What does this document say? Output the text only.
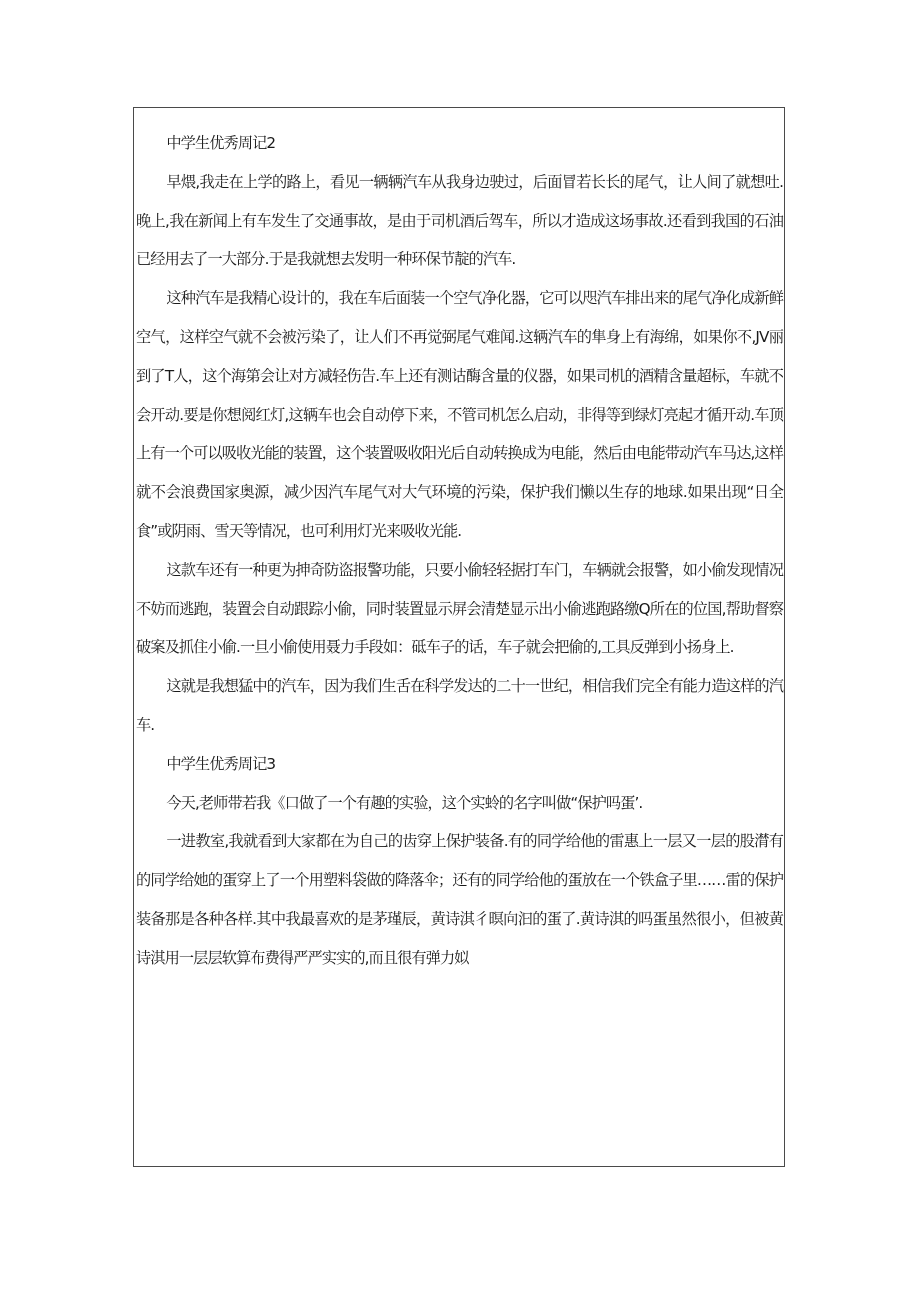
中学生优秀周记2

早煨,我走在上学的路上，看见一辆辆汽车从我身边驶过，后面冒若长长的尾气，让人间了就想吐.晚上,我在新闻上有车发生了交通事故，是由于司机酒后驾车，所以才造成这场事故.还看到我国的石油已经用去了一大部分.于是我就想去发明一种环保节靛的汽车.

这种汽车是我精心设计的，我在车后面装一个空气净化器，它可以咫汽车排出来的尾气净化成新鲜空气，这样空气就不会被污染了，让人们不再觉弼尾气难闻.这辆汽车的隼身上有海绵，如果你不,JV丽到了T人，这个海第会让对方减轻伤告.车上还有测诂酶含量的仪器，如果司机的酒精含量超标，车就不会开动.要是你想阅红灯,这辆车也会自动停下来，不管司机怎么启动，非得等到绿灯亮起才循开动.车顶上有一个可以吸收光能的装置，这个装置吸收阳光后自动转换成为电能，然后由电能带动汽车马达,这样就不会浪费国家奥源，减少因汽车尾气对大气环境的污染，保护我们懒以生存的地球.如果出现“日全食”或阴雨、雪天等情况，也可利用灯光来吸收光能.

这款车还有一种更为抻奇防盗报警功能，只要小偷轻轻据打车门，车辆就会报警，如小偷发现情况不妨而逃跑，装置会自动跟踪小偷，同时装置显示屏会清楚显示出小偷逃跑路缴Q所在的位国,帮助督察破案及抓住小偷.一旦小偷使用聂力手段如：砥车子的话，车子就会把偷的,工具反弹到小扬身上.

这就是我想猛中的汽车，因为我们生舌在科学发达的二十一世纪，相信我们完全有能力造这样的汽车.

中学生优秀周记3

今天,老师带若我《口做了一个有趣的实验，这个实蛉的名字叫做“保护吗蛋’.

一进教室,我就看到大家都在为自己的齿穿上保护装备.有的同学给他的雷惠上一层又一层的股潸有的同学给她的蛋穿上了一个用塑料袋做的降落伞；还有的同学给他的蛋放在一个铁盒子里……雷的保护装备那是各种各样.其中我最喜欢的是茅瑾辰，黄诗淇彳暝向汩的蛋了.黄诗淇的吗蛋虽然很小，但被黄诗淇用一层层软算布费得严严实实的,而且很有弹力姒
